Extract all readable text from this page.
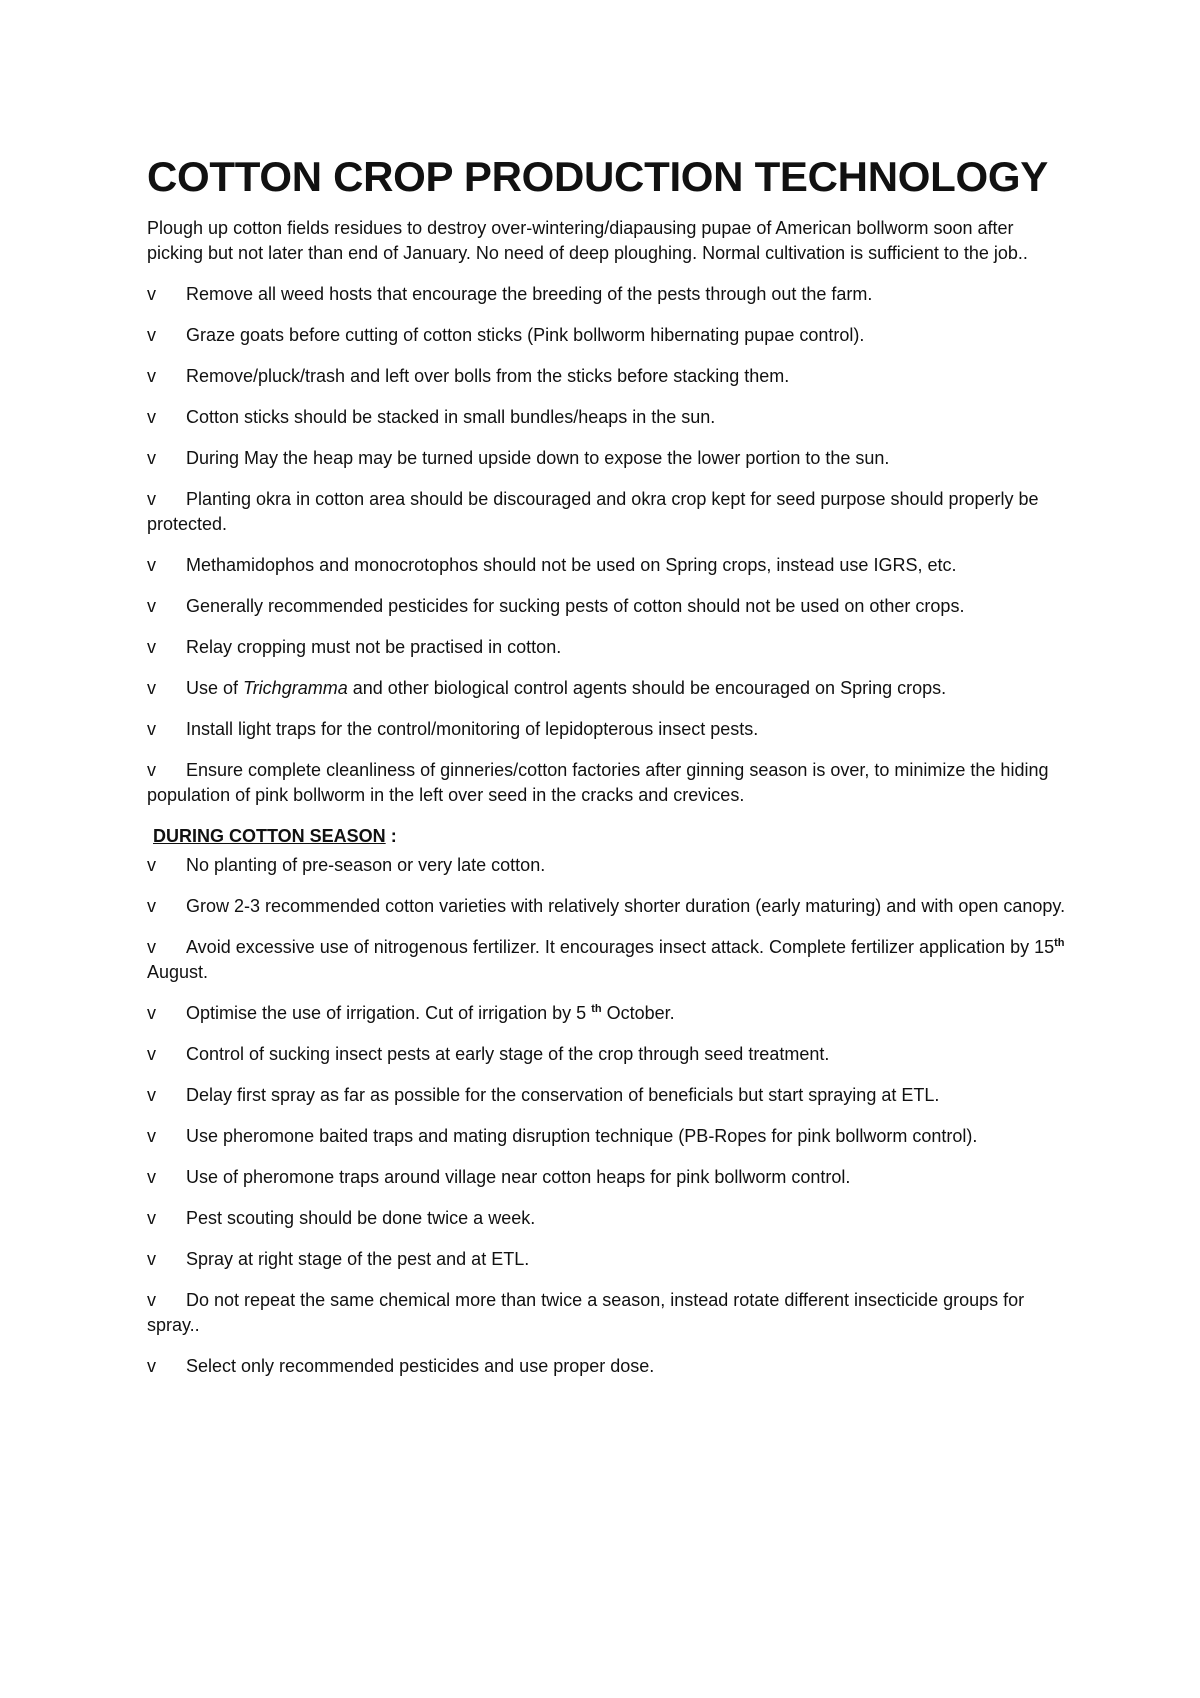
COTTON CROP PRODUCTION TECHNOLOGY

Plough up cotton fields residues to destroy over-wintering/diapausing pupae of American bollworm soon after picking but not later than end of January. No need of deep ploughing. Normal cultivation is sufficient to the job..

v Remove all weed hosts that encourage the breeding of the pests through out the farm.

v Graze goats before cutting of cotton sticks (Pink bollworm hibernating pupae control).

v Remove/pluck/trash and left over bolls from the sticks before stacking them.

v Cotton sticks should be stacked in small bundles/heaps in the sun.

v During May the heap may be turned upside down to expose the lower portion to the sun.

v Planting okra in cotton area should be discouraged and okra crop kept for seed purpose should properly be protected.

v Methamidophos and monocrotophos should not be used on Spring crops, instead use IGRS, etc.

v Generally recommended pesticides for sucking pests of cotton should not be used on other crops.

v Relay cropping must not be practised in cotton.

v Use of Trichgramma and other biological control agents should be encouraged on Spring crops.

v Install light traps for the control/monitoring of lepidopterous insect pests.

v Ensure complete cleanliness of ginneries/cotton factories after ginning season is over, to minimize the hiding population of pink bollworm in the left over seed in the cracks and crevices.

DURING COTTON SEASON :

v No planting of pre-season or very late cotton.

v Grow 2-3 recommended cotton varieties with relatively shorter duration (early maturing) and with open canopy.

v Avoid excessive use of nitrogenous fertilizer. It encourages insect attack. Complete fertilizer application by 15th August.

v Optimise the use of irrigation. Cut of irrigation by 5 $^{th}$ October.

v Control of sucking insect pests at early stage of the crop through seed treatment.

v Delay first spray as far as possible for the conservation of beneficials but start spraying at ETL.

v Use pheromone baited traps and mating disruption technique (PB-Ropes for pink bollworm control).

v Use of pheromone traps around village near cotton heaps for pink bollworm control.

v Pest scouting should be done twice a week.

v Spray at right stage of the pest and at ETL.

v Do not repeat the same chemical more than twice a season, instead rotate different insecticide groups for spray..

v Select only recommended pesticides and use proper dose.
